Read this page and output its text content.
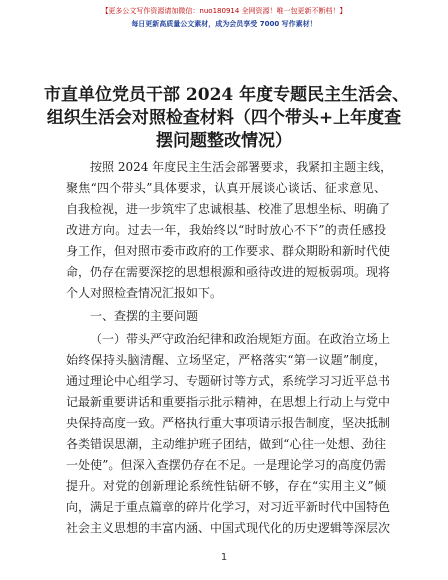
【更多公文写作资源请加微信：nuo180914 全网资源！唯一包更新不断档！】
每日更新高质量公文素材，成为会员享受 7000 写作素材！
市直单位党员干部 2024 年度专题民主生活会、
组织生活会对照检查材料（四个带头+上年度查
摆问题整改情况）
按照 2024 年度民主生活会部署要求，我紧扣主题主线，
聚焦“四个带头”具体要求，认真开展谈心谈话、征求意见、
自我检视，进一步筑牢了忠诚根基、校准了思想坐标、明确了
改进方向。过去一年，我始终以“时时放心不下”的责任感投
身工作，但对照市委市政府的工作要求、群众期盼和新时代使
命，仍存在需要深挖的思想根源和亟待改进的短板弱项。现将
个人对照检查情况汇报如下。
一、查摆的主要问题
（一）带头严守政治纪律和政治规矩方面。在政治立场上
始终保持头脑清醒、立场坚定，严格落实“第一议题”制度，
通过理论中心组学习、专题研讨等方式，系统学习习近平总书
记最新重要讲话和重要指示批示精神，在思想上行动上与党中
央保持高度一致。严格执行重大事项请示报告制度，坚决抵制
各类错误思潮，主动维护班子团结，做到“心往一处想、劲往
一处使”。但深入查摆仍存在不足。一是理论学习的高度仍需
提升。对党的创新理论系统性钻研不够，存在“实用主义”倾
向，满足于重点篇章的碎片化学习，对习近平新时代中国特色
社会主义思想的丰富内涵、中国式现代化的历史逻辑等深层次
1
